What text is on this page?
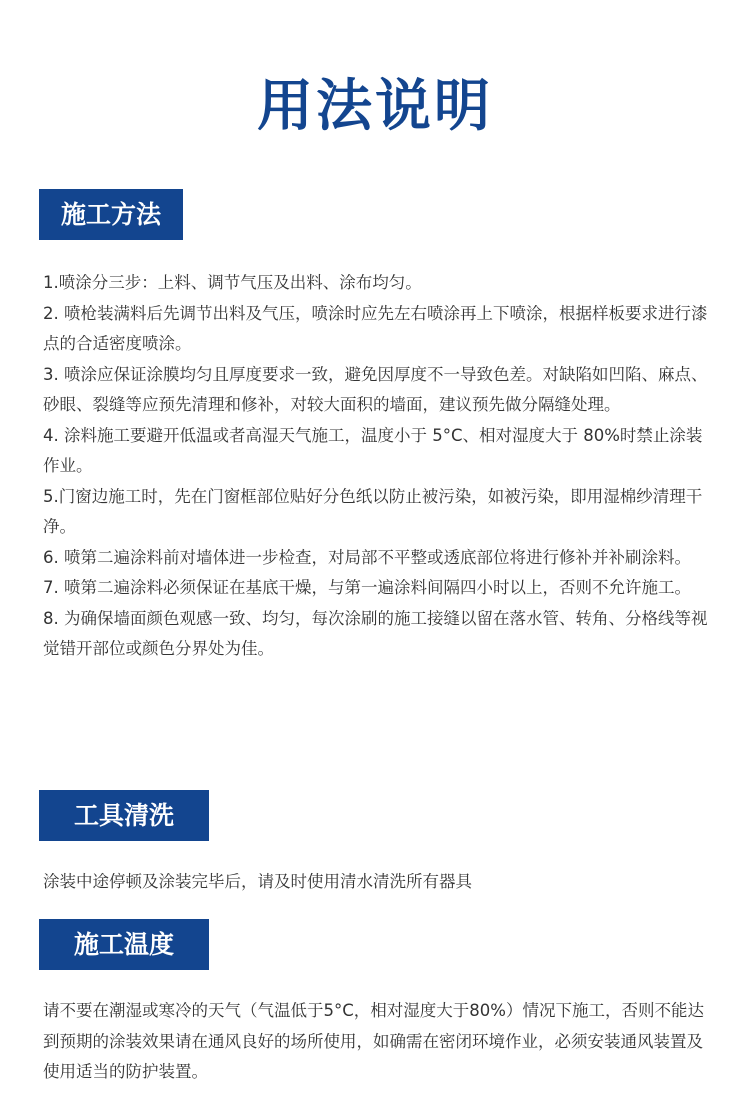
用法说明
施工方法

1.喷涂分三步：上料、调节气压及出料、涂布均匀。

2. 喷枪装满料后先调节出料及气压，喷涂时应先左右喷涂再上下喷涂，根据样板要求进行漆点的合适密度喷涂。

3. 喷涂应保证涂膜均匀且厚度要求一致，避免因厚度不一导致色差。对缺陷如凹陷、麻点、砂眼、裂缝等应预先清理和修补，对较大面积的墙面，建议预先做分隔缝处理。

4. 涂料施工要避开低温或者高湿天气施工，温度小于 5°C、相对湿度大于 80%时禁止涂装作业。

5.门窗边施工时，先在门窗框部位贴好分色纸以防止被污染，如被污染，即用湿棉纱清理干净。

6. 喷第二遍涂料前对墙体进一步检查，对局部不平整或透底部位将进行修补并补刷涂料。

7. 喷第二遍涂料必须保证在基底干燥，与第一遍涂料间隔四小时以上，否则不允许施工。

8. 为确保墙面颜色观感一致、均匀，每次涂刷的施工接缝以留在落水管、转角、分格线等视觉错开部位或颜色分界处为佳。

工具清洗

涂装中途停顿及涂装完毕后，请及时使用清水清洗所有器具

施工温度

请不要在潮湿或寒冷的天气（气温低于5°C，相对湿度大于80%）情况下施工，否则不能达到预期的涂装效果请在通风良好的场所使用，如确需在密闭环境作业，必须安装通风装置及使用适当的防护装置。
